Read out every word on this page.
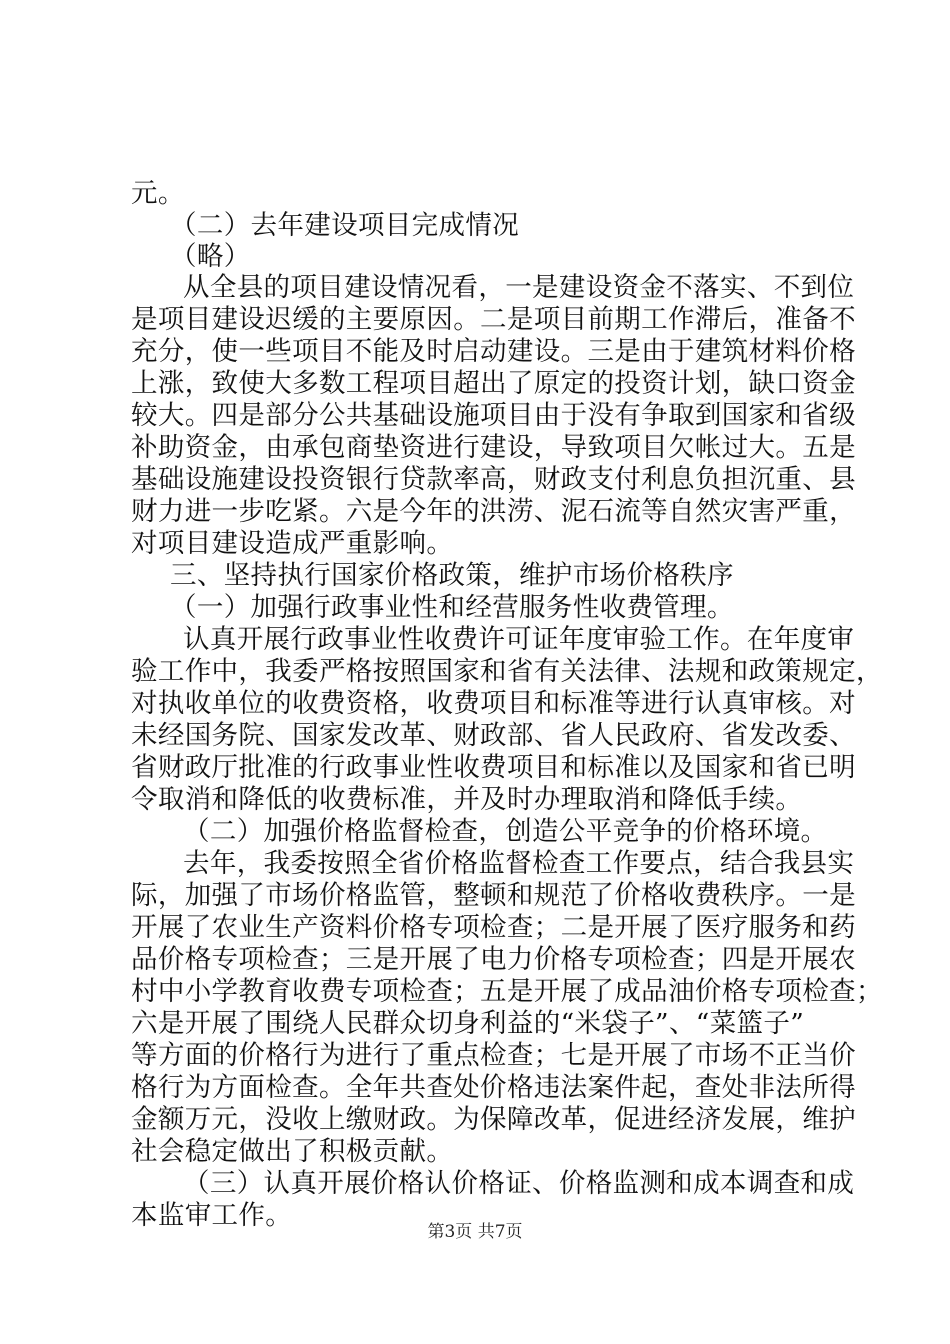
元。
（二）去年建设项目完成情况
（略）
从全县的项目建设情况看，一是建设资金不落实、不到位
是项目建设迟缓的主要原因。二是项目前期工作滞后，准备不
充分，使一些项目不能及时启动建设。三是由于建筑材料价格
上涨，致使大多数工程项目超出了原定的投资计划，缺口资金
较大。四是部分公共基础设施项目由于没有争取到国家和省级
补助资金，由承包商垫资进行建设，导致项目欠帐过大。五是
基础设施建设投资银行贷款率高，财政支付利息负担沉重、县
财力进一步吃紧。六是今年的洪涝、泥石流等自然灾害严重，
对项目建设造成严重影响。
三、坚持执行国家价格政策，维护市场价格秩序
（一）加强行政事业性和经营服务性收费管理。
认真开展行政事业性收费许可证年度审验工作。在年度审
验工作中，我委严格按照国家和省有关法律、法规和政策规定，
对执收单位的收费资格，收费项目和标准等进行认真审核。对
未经国务院、国家发改革、财政部、省人民政府、省发改委、
省财政厅批准的行政事业性收费项目和标准以及国家和省已明
令取消和降低的收费标准，并及时办理取消和降低手续。
（二）加强价格监督检查，创造公平竞争的价格环境。
去年，我委按照全省价格监督检查工作要点，结合我县实
际，加强了市场价格监管，整顿和规范了价格收费秩序。一是
开展了农业生产资料价格专项检查；二是开展了医疗服务和药
品价格专项检查；三是开展了电力价格专项检查；四是开展农
村中小学教育收费专项检查；五是开展了成品油价格专项检查；
六是开展了围绕人民群众切身利益的“米袋子”、“菜篮子”
等方面的价格行为进行了重点检查；七是开展了市场不正当价
格行为方面检查。全年共查处价格违法案件起，查处非法所得
金额万元，没收上缴财政。为保障改革，促进经济发展，维护
社会稳定做出了积极贡献。
（三）认真开展价格认价格证、价格监测和成本调查和成
本监审工作。
第3页 共7页
